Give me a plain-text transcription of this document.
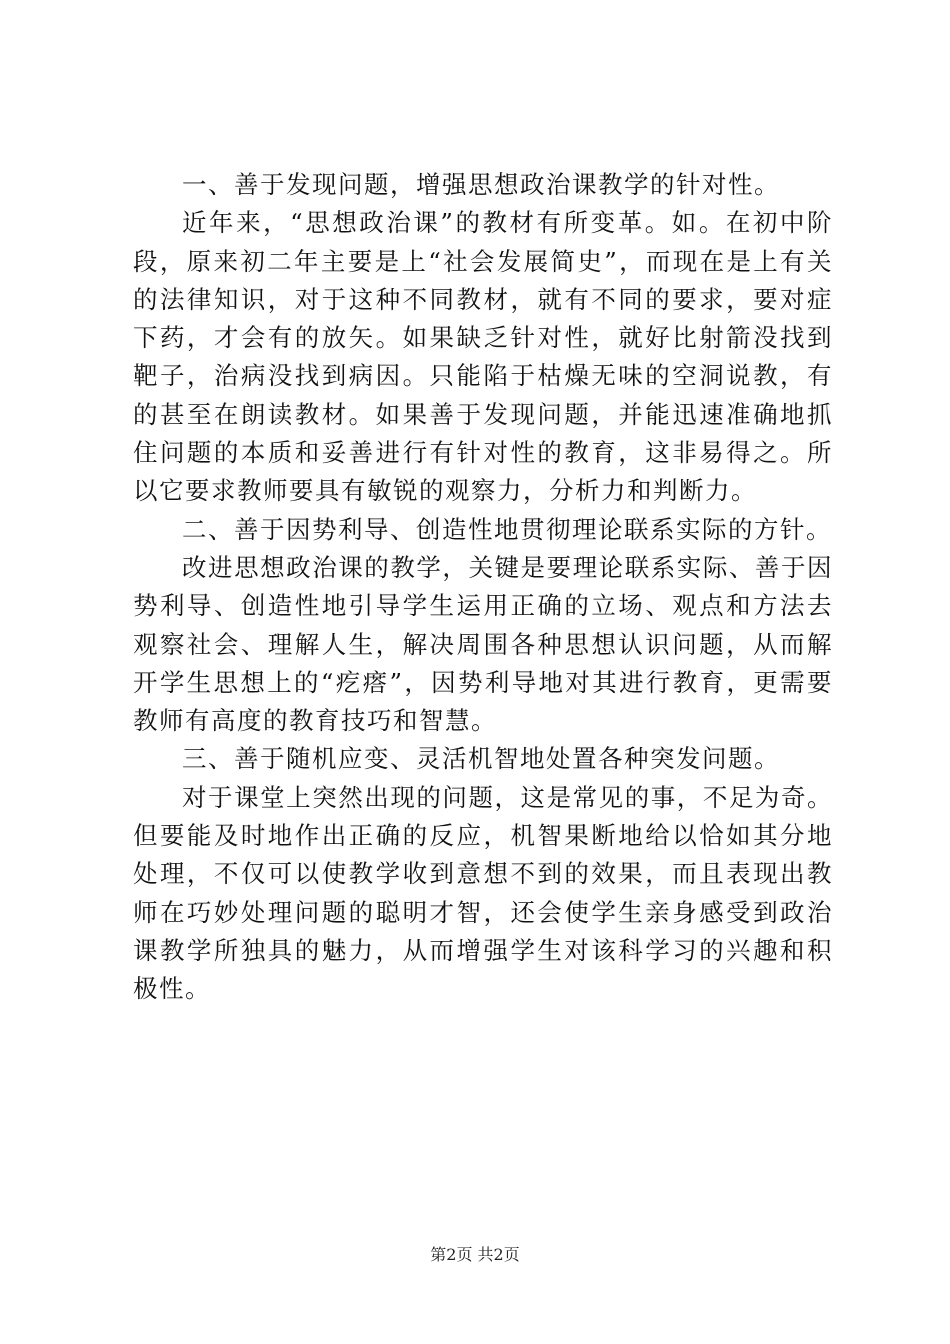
一、善于发现问题，增强思想政治课教学的针对性。

近年来，“思想政治课”的教材有所变革。如。在初中阶段，原来初二年主要是上“社会发展简史”，而现在是上有关的法律知识，对于这种不同教材，就有不同的要求，要对症下药，才会有的放矢。如果缺乏针对性，就好比射箭没找到靶子，治病没找到病因。只能陷于枯燥无味的空洞说教，有的甚至在朗读教材。如果善于发现问题，并能迅速准确地抓住问题的本质和妥善进行有针对性的教育，这非易得之。所以它要求教师要具有敏锐的观察力，分析力和判断力。

二、善于因势利导、创造性地贯彻理论联系实际的方针。

改进思想政治课的教学，关键是要理论联系实际、善于因势利导、创造性地引导学生运用正确的立场、观点和方法去观察社会、理解人生，解决周围各种思想认识问题，从而解开学生思想上的“疙瘩”，因势利导地对其进行教育，更需要教师有高度的教育技巧和智慧。

三、善于随机应变、灵活机智地处置各种突发问题。

对于课堂上突然出现的问题，这是常见的事，不足为奇。但要能及时地作出正确的反应，机智果断地给以恰如其分地处理，不仅可以使教学收到意想不到的效果，而且表现出教师在巧妙处理问题的聪明才智，还会使学生亲身感受到政治课教学所独具的魅力，从而增强学生对该科学习的兴趣和积极性。

第2页 共2页
